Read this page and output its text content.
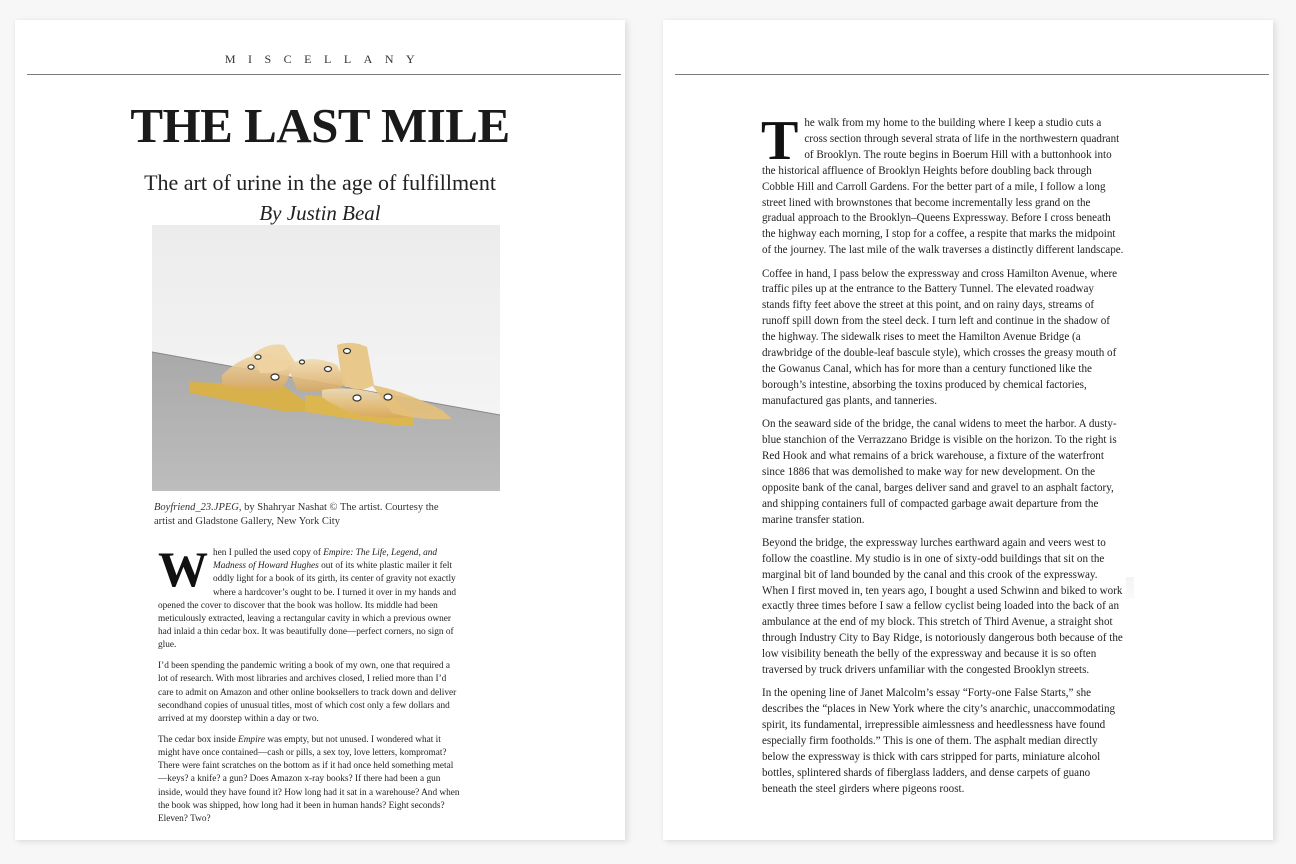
MISCELLANY
THE LAST MILE
The art of urine in the age of fulfillment
By Justin Beal
Boyfriend_23.JPEG, by Shahryar Nashat © The artist. Courtesy the artist and Gladstone Gallery, New York City

When I pulled the used copy of Empire: The Life, Legend, and Madness of Howard Hughes out of its white plastic mailer it felt oddly light for a book of its girth, its center of gravity not exactly where a hardcover’s ought to be. I turned it over in my hands and opened the cover to discover that the book was hollow. Its middle had been meticulously extracted, leaving a rectangular cavity in which a previous owner had inlaid a thin cedar box. It was beautifully done—perfect corners, no sign of glue.

I’d been spending the pandemic writing a book of my own, one that required a lot of research. With most libraries and archives closed, I relied more than I’d care to admit on Amazon and other online booksellers to track down and deliver secondhand copies of unusual titles, most of which cost only a few dollars and arrived at my doorstep within a day or two.

The cedar box inside Empire was empty, but not unused. I wondered what it might have once contained—cash or pills, a sex toy, love letters, kompromat? There were faint scratches on the bottom as if it had once held something metal —keys? a knife? a gun? Does Amazon x-ray books? If there had been a gun inside, would they have found it? How long had it sat in a warehouse? And when the book was shipped, how long had it been in human hands? Eight seconds? Eleven? Two?

The walk from my home to the building where I keep a studio cuts a cross section through several strata of life in the northwestern quadrant of Brooklyn. The route begins in Boerum Hill with a buttonhook into the historical affluence of Brooklyn Heights before doubling back through Cobble Hill and Carroll Gardens. For the better part of a mile, I follow a long street lined with brownstones that become incrementally less grand on the gradual approach to the Brooklyn–Queens Expressway. Before I cross beneath the highway each morning, I stop for a coffee, a respite that marks the midpoint of the journey. The last mile of the walk traverses a distinctly different landscape.

Coffee in hand, I pass below the expressway and cross Hamilton Avenue, where traffic piles up at the entrance to the Battery Tunnel. The elevated roadway stands fifty feet above the street at this point, and on rainy days, streams of runoff spill down from the steel deck. I turn left and continue in the shadow of the highway. The sidewalk rises to meet the Hamilton Avenue Bridge (a drawbridge of the double-leaf bascule style), which crosses the greasy mouth of the Gowanus Canal, which has for more than a century functioned like the borough’s intestine, absorbing the toxins produced by chemical factories, manufactured gas plants, and tanneries.

On the seaward side of the bridge, the canal widens to meet the harbor. A dusty-blue stanchion of the Verrazzano Bridge is visible on the horizon. To the right is Red Hook and what remains of a brick warehouse, a fixture of the waterfront since 1886 that was demolished to make way for new development. On the opposite bank of the canal, barges deliver sand and gravel to an asphalt factory, and shipping containers full of compacted garbage await departure from the marine transfer station.

Beyond the bridge, the expressway lurches earthward again and veers west to follow the coastline. My studio is in one of sixty-odd buildings that sit on the marginal bit of land bounded by the canal and this crook of the expressway. When I first moved in, ten years ago, I bought a used Schwinn and biked to work exactly three times before I saw a fellow cyclist being loaded into the back of an ambulance at the end of my block. This stretch of Third Avenue, a straight shot through Industry City to Bay Ridge, is notoriously dangerous both because of the low visibility beneath the belly of the expressway and because it is so often traversed by truck drivers unfamiliar with the congested Brooklyn streets.

In the opening line of Janet Malcolm’s essay “Forty-one False Starts,” she describes the “places in New York where the city’s anarchic, unaccommodating spirit, its fundamental, irrepressible aimlessness and heedlessness have found especially firm footholds.” This is one of them. The asphalt median directly below the expressway is thick with cars stripped for parts, miniature alcohol bottles, splintered shards of fiberglass ladders, and dense carpets of guano beneath the steel girders where pigeons roost.
